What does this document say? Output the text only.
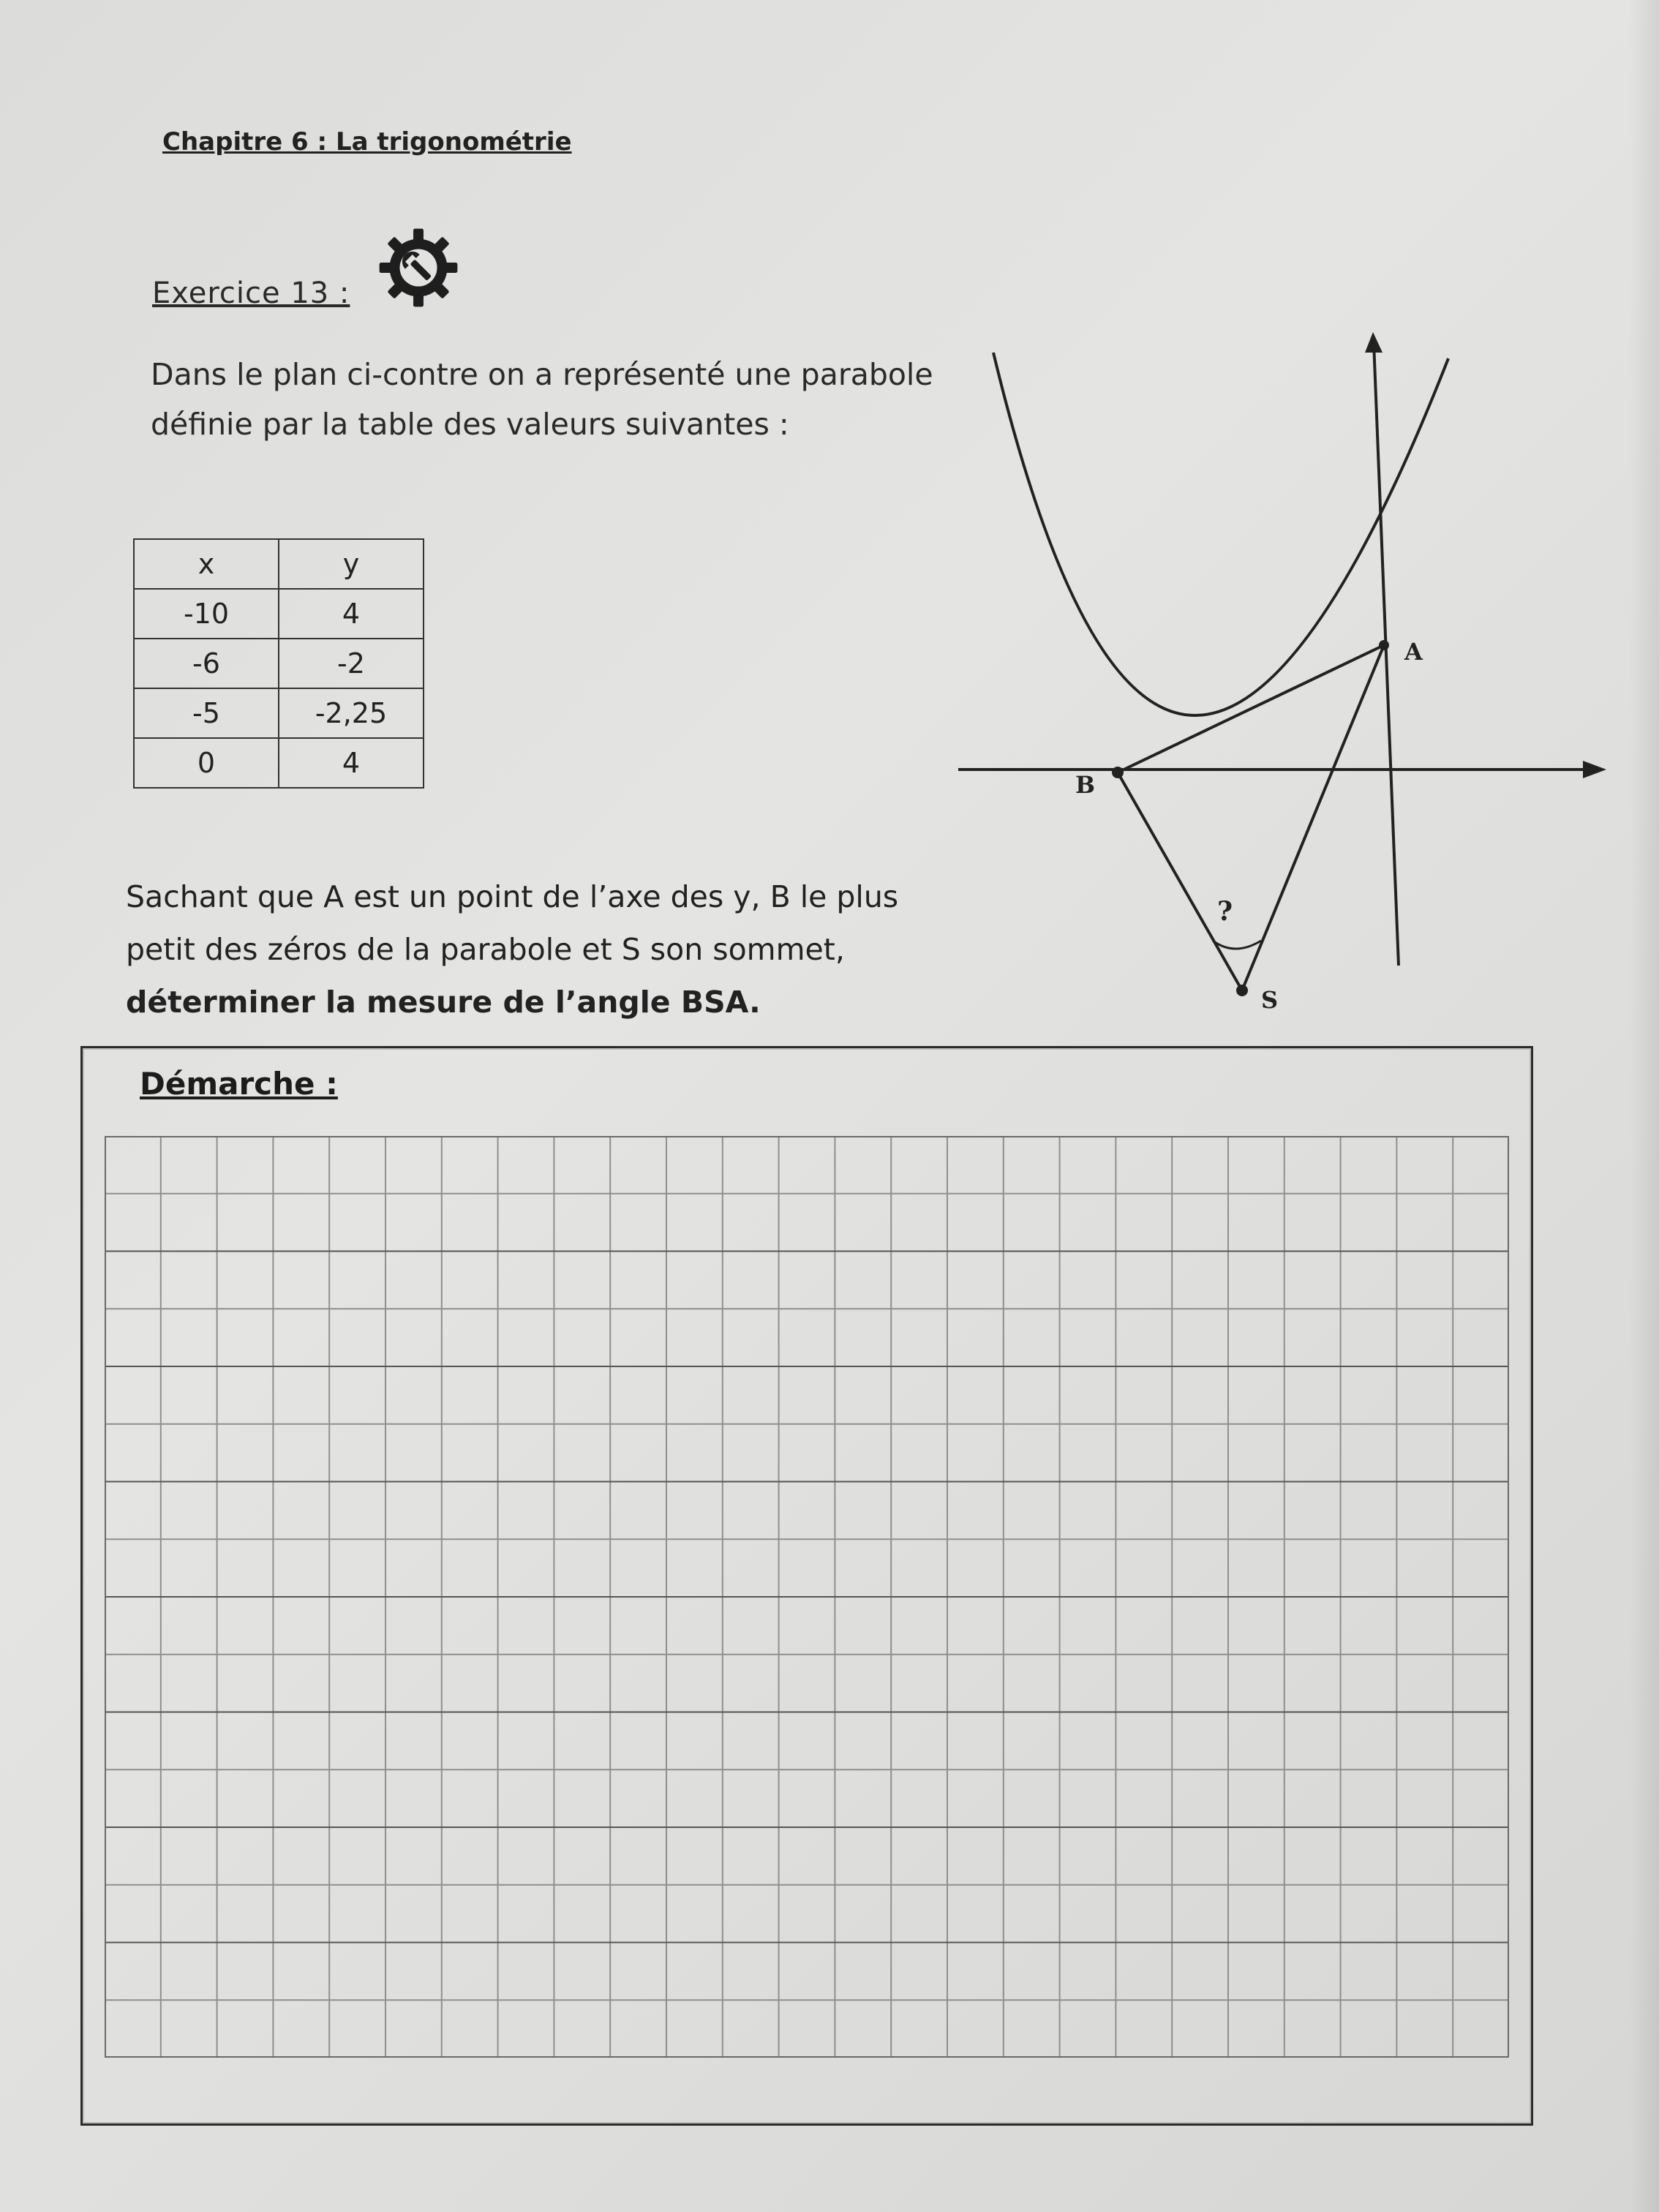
Chapitre 6 : La trigonométrie
Exercice 13 :
Dans le plan ci-contre on a représenté une parabole
définie par la table des valeurs suivantes :
x	y
-10	4
-6	-2
-5	-2,25
0	4
Sachant que A est un point de l’axe des y, B le plus
petit des zéros de la parabole et S son sommet,
déterminer la mesure de l’angle BSA.
A
B
S
?
Démarche :
